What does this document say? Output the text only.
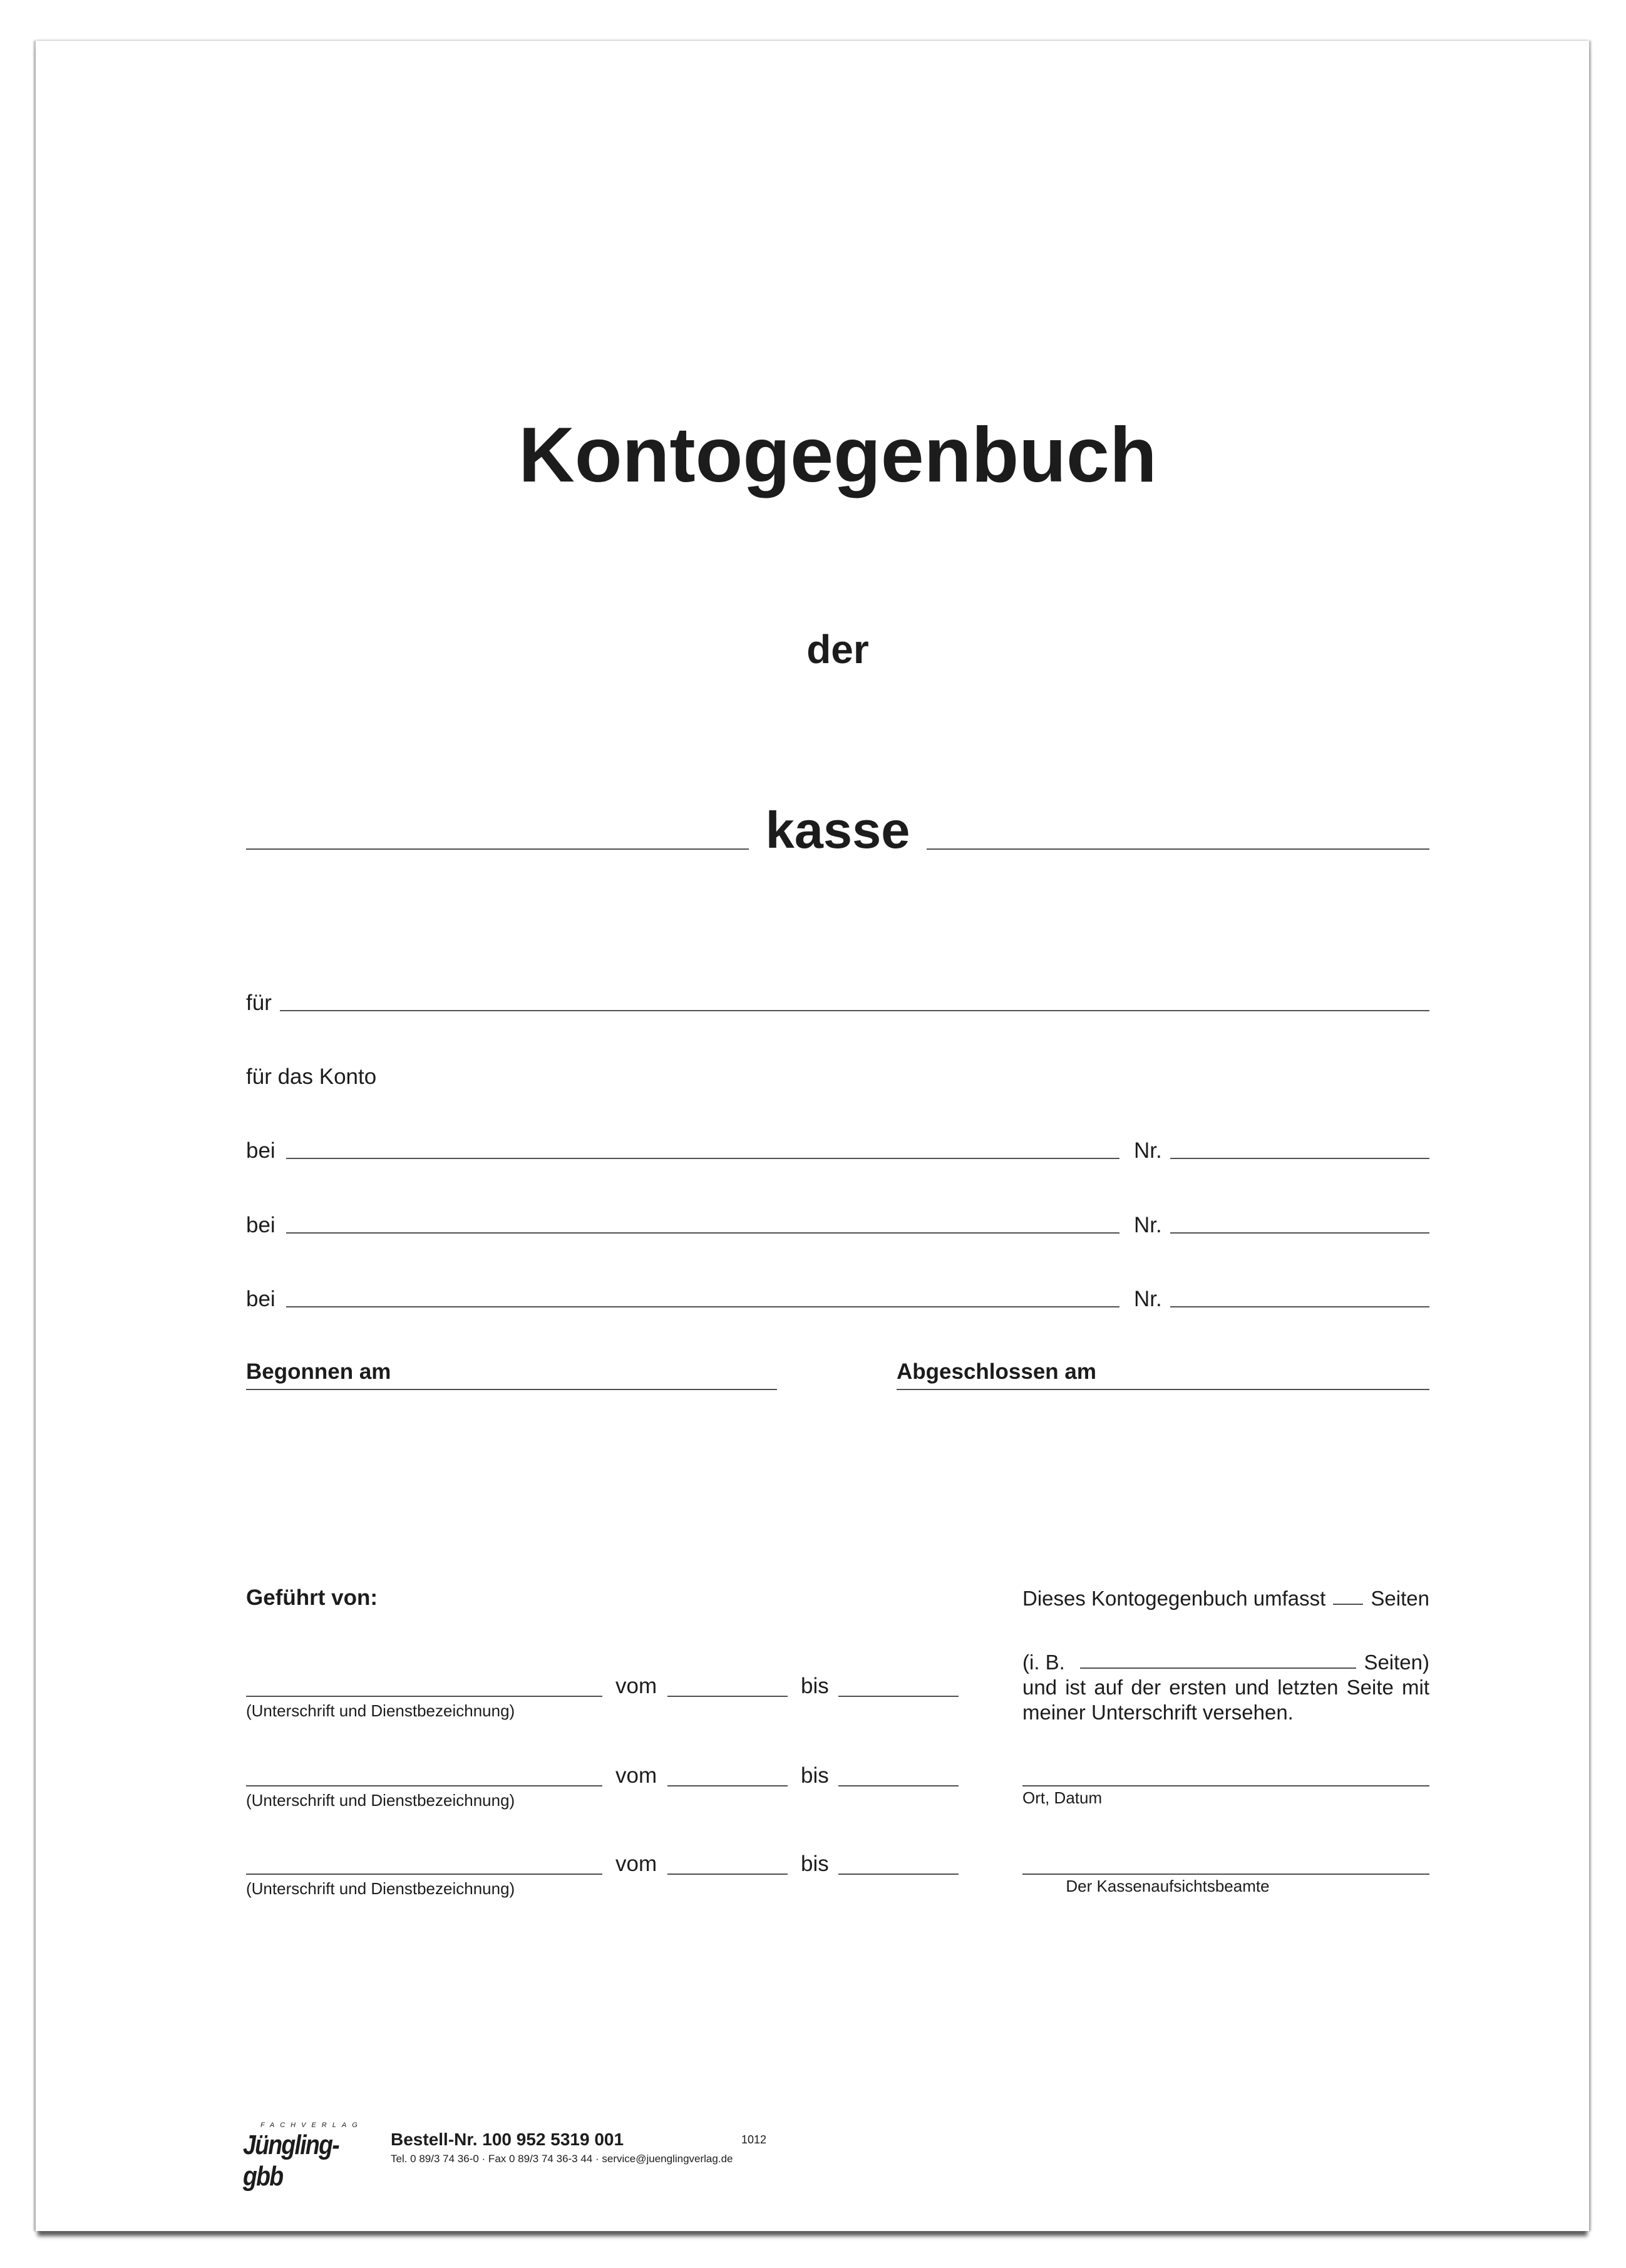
Kontogegenbuch
der
kasse
für
für das Konto
bei	Nr.
bei	Nr.
bei	Nr.
Begonnen am	Abgeschlossen am
Geführt von:
vom	bis
(Unterschrift und Dienstbezeichnung)
vom	bis
(Unterschrift und Dienstbezeichnung)
vom	bis
(Unterschrift und Dienstbezeichnung)
Dieses Kontogegenbuch umfasst Seiten
(i. B.	Seiten)
und ist auf der ersten und letzten Seite mit
meiner Unterschrift versehen.
Ort, Datum
Der Kassenaufsichtsbeamte
FACHVERLAG
Jüngling-gbb
Bestell-Nr. 100 952 5319 001	1012
Tel. 0 89/3 74 36-0 · Fax 0 89/3 74 36-3 44 · service@juenglingverlag.de
